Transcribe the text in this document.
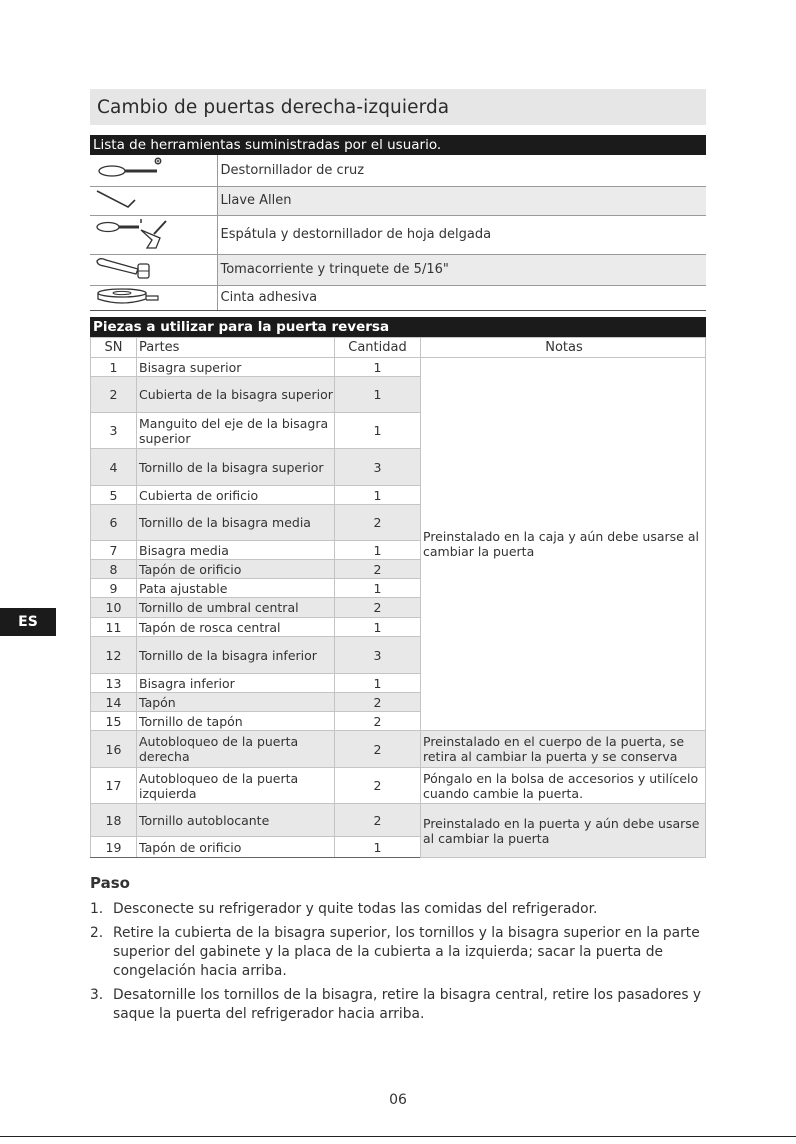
Cambio de puertas derecha-izquierda
Lista de herramientas suministradas por el usuario.
	Destornillador de cruz
	Llave Allen
	Espátula y destornillador de hoja delgada
	Tomacorriente y trinquete de 5/16"
	Cinta adhesiva
Piezas a utilizar para la puerta reversa
SN	Partes	Cantidad	Notas
1	Bisagra superior	1	Preinstalado en la caja y aún debe usarse al cambiar la puerta
2	Cubierta de la bisagra superior	1	
3	Manguito del eje de la bisagra superior	1	
4	Tornillo de la bisagra superior	3	
5	Cubierta de orificio	1	
6	Tornillo de la bisagra media	2	
7	Bisagra media	1	
8	Tapón de orificio	2	
9	Pata ajustable	1	
10	Tornillo de umbral central	2	
11	Tapón de rosca central	1	
12	Tornillo de la bisagra inferior	3	
13	Bisagra inferior	1	
14	Tapón	2	
15	Tornillo de tapón	2	
16	Autobloqueo de la puerta derecha	2	Preinstalado en el cuerpo de la puerta, se retira al cambiar la puerta y se conserva
17	Autobloqueo de la puerta izquierda	2	Póngalo en la bolsa de accesorios y utilícelo cuando cambie la puerta.
18	Tornillo autoblocante	2	Preinstalado en la puerta y aún debe usarse al cambiar la puerta
19	Tapón de orificio	1	
ES
Paso
1. Desconecte su refrigerador y quite todas las comidas del refrigerador.
2. Retire la cubierta de la bisagra superior, los tornillos y la bisagra superior en la parte superior del gabinete y la placa de la cubierta a la izquierda; sacar la puerta de congelación hacia arriba.
3. Desatornille los tornillos de la bisagra, retire la bisagra central, retire los pasadores y saque la puerta del refrigerador hacia arriba.
06
